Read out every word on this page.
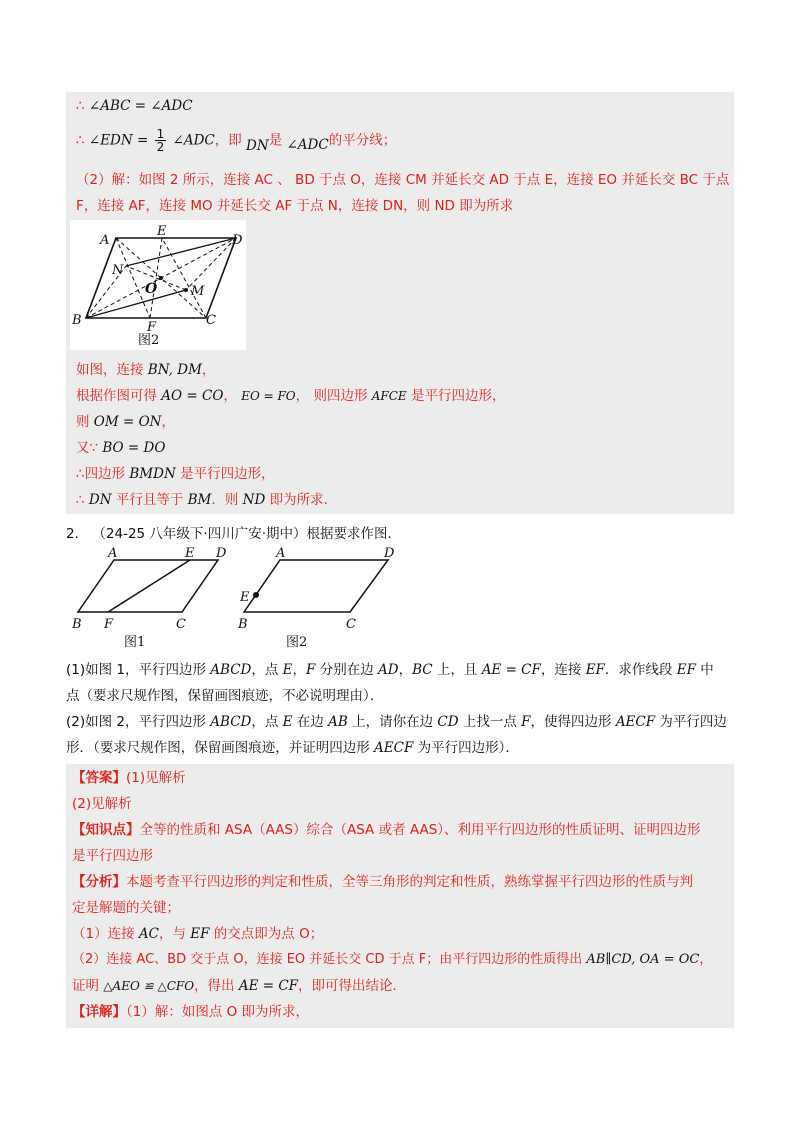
∴ ∠ABC = ∠ADC
∴ ∠EDN = $\frac{1}{2}$ ∠ADC，即 DN是 ∠ADC的平分线；
（2）解：如图 2 所示，连接 AC 、 BD 于点 O，连接 CM 并延长交 AD 于点 E，连接 EO 并延长交 BC 于点
F，连接 AF，连接 MO 并延长交 AF 于点 N，连接 DN，则 ND 即为所求
A
E
D
N
O	M
B	F	C
图2
如图，连接 BN, DM，
根据作图可得 AO = CO， EO = FO， 则四边形 AFCE 是平行四边形，
则 OM = ON，
又∵ BO = DO
∴四边形 BMDN 是平行四边形，
∴ DN 平行且等于 BM．则 ND 即为所求．
2． （24-25 八年级下·四川广安·期中）根据要求作图．
A	E D
B F	C
图1
A	D
E
B	C
图2
(1)如图 1，平行四边形 ABCD，点 E，F 分别在边 AD，BC 上，且 AE = CF，连接 EF．求作线段 EF 中
点（要求尺规作图，保留画图痕迹，不必说明理由）．
(2)如图 2，平行四边形 ABCD，点 E 在边 AB 上，请你在边 CD 上找一点 F，使得四边形 AECF 为平行四边
形．（要求尺规作图，保留画图痕迹，并证明四边形 AECF 为平行四边形）．
【答案】(1)见解析
(2)见解析
【知识点】全等的性质和 ASA（AAS）综合（ASA 或者 AAS）、利用平行四边形的性质证明、证明四边形
是平行四边形
【分析】本题考查平行四边形的判定和性质，全等三角形的判定和性质，熟练掌握平行四边形的性质与判
定是解题的关键；
（1）连接 AC，与 EF 的交点即为点 O；
（2）连接 AC、BD 交于点 O，连接 EO 并延长交 CD 于点 F；由平行四边形的性质得出 AB∥CD, OA = OC，
证明 △AEO ≌ △CFO，得出 AE = CF，即可得出结论．
【详解】（1）解：如图点 O 即为所求，
